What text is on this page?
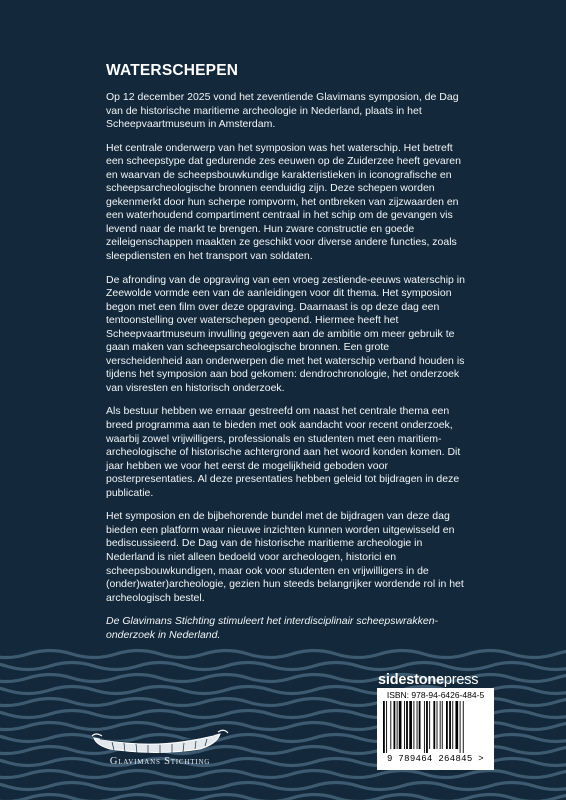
WATERSCHEPEN

Op 12 december 2025 vond het zeventiende Glavimans symposion, de Dag van de historische maritieme archeologie in Nederland, plaats in het Scheepvaartmuseum in Amsterdam.

Het centrale onderwerp van het symposion was het waterschip. Het betreft een scheepstype dat gedurende zes eeuwen op de Zuiderzee heeft gevaren en waarvan de scheepsbouwkundige karakteristieken in iconografische en scheepsarcheologische bronnen eenduidig zijn. Deze schepen worden gekenmerkt door hun scherpe rompvorm, het ontbreken van zijzwaarden en een waterhoudend compartiment centraal in het schip om de gevangen vis levend naar de markt te brengen. Hun zware constructie en goede zeileigenschappen maakten ze geschikt voor diverse andere functies, zoals sleepdiensten en het transport van soldaten.

De afronding van de opgraving van een vroeg zestiende-eeuws waterschip in Zeewolde vormde een van de aanleidingen voor dit thema. Het symposion begon met een film over deze opgraving. Daarnaast is op deze dag een tentoonstelling over waterschepen geopend. Hiermee heeft het Scheepvaartmuseum invulling gegeven aan de ambitie om meer gebruik te gaan maken van scheepsarcheologische bronnen. Een grote verscheidenheid aan onderwerpen die met het waterschip verband houden is tijdens het symposion aan bod gekomen: dendrochronologie, het onderzoek van visresten en historisch onderzoek.

Als bestuur hebben we ernaar gestreefd om naast het centrale thema een breed programma aan te bieden met ook aandacht voor recent onderzoek, waarbij zowel vrijwilligers, professionals en studenten met een maritiem-archeologische of historische achtergrond aan het woord konden komen. Dit jaar hebben we voor het eerst de mogelijkheid geboden voor posterpresentaties. Al deze presentaties hebben geleid tot bijdragen in deze publicatie.

Het symposion en de bijbehorende bundel met de bijdragen van deze dag bieden een platform waar nieuwe inzichten kunnen worden uitgewisseld en bediscussieerd. De Dag van de historische maritieme archeologie in Nederland is niet alleen bedoeld voor archeologen, historici en scheepsbouwkundigen, maar ook voor studenten en vrijwilligers in de (onder)water)archeologie, gezien hun steeds belangrijker wordende rol in het archeologisch bestel.

De Glavimans Stichting stimuleert het interdisciplinair scheepswrakken-onderzoek in Nederland.

Glavimans Stichting
sidestonepress
ISBN: 978-94-6426-484-5
9 789464 264845 >
